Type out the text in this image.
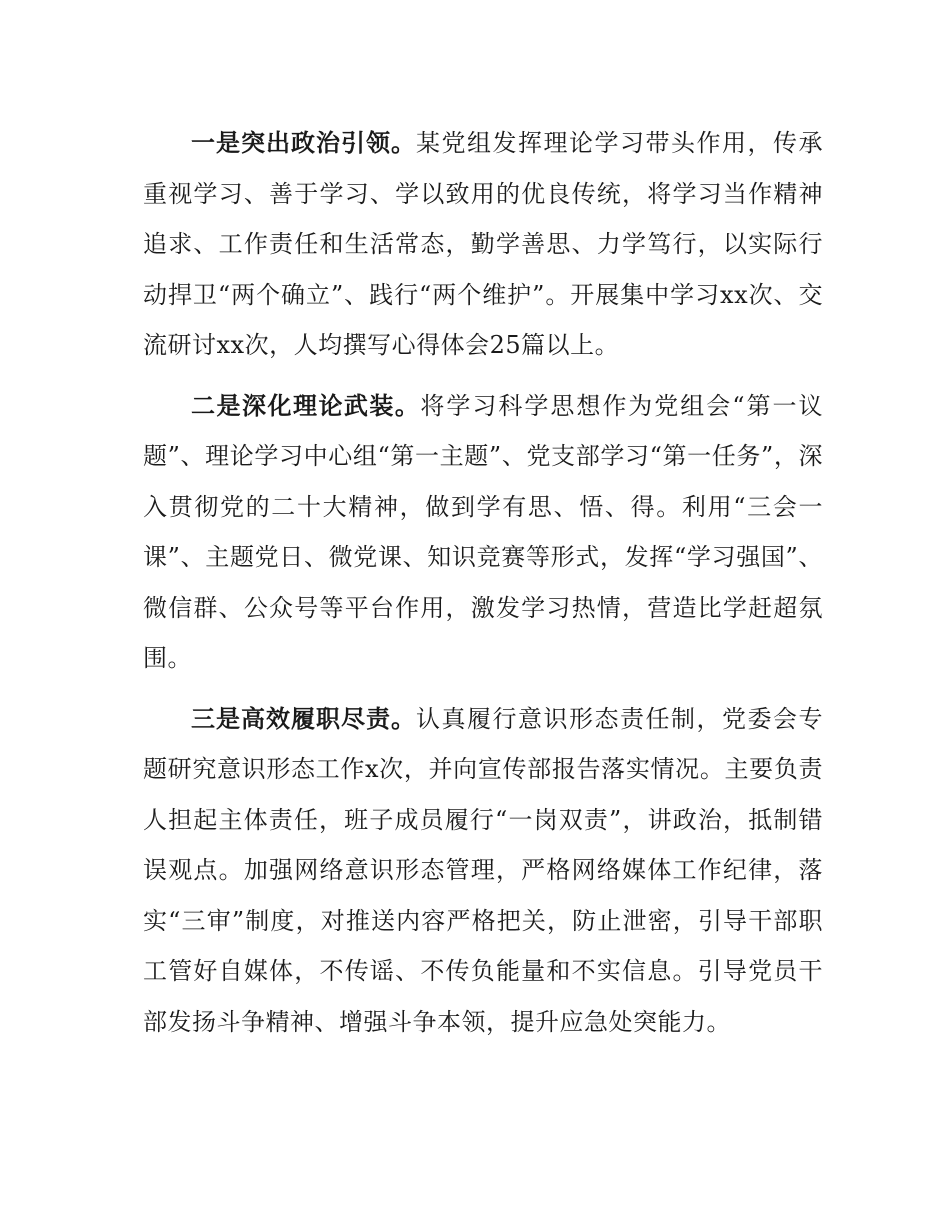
一是突出政治引领。某党组发挥理论学习带头作用，传承重视学习、善于学习、学以致用的优良传统，将学习当作精神追求、工作责任和生活常态，勤学善思、力学笃行，以实际行动捍卫“两个确立”、践行“两个维护”。开展集中学习xx次、交流研讨xx次，人均撰写心得体会25篇以上。

二是深化理论武装。将学习科学思想作为党组会“第一议题”、理论学习中心组“第一主题”、党支部学习“第一任务”，深入贯彻党的二十大精神，做到学有思、悟、得。利用“三会一课”、主题党日、微党课、知识竞赛等形式，发挥“学习强国”、微信群、公众号等平台作用，激发学习热情，营造比学赶超氛围。

三是高效履职尽责。认真履行意识形态责任制，党委会专题研究意识形态工作x次，并向宣传部报告落实情况。主要负责人担起主体责任，班子成员履行“一岗双责”，讲政治，抵制错误观点。加强网络意识形态管理，严格网络媒体工作纪律，落实“三审”制度，对推送内容严格把关，防止泄密，引导干部职工管好自媒体，不传谣、不传负能量和不实信息。引导党员干部发扬斗争精神、增强斗争本领，提升应急处突能力。
